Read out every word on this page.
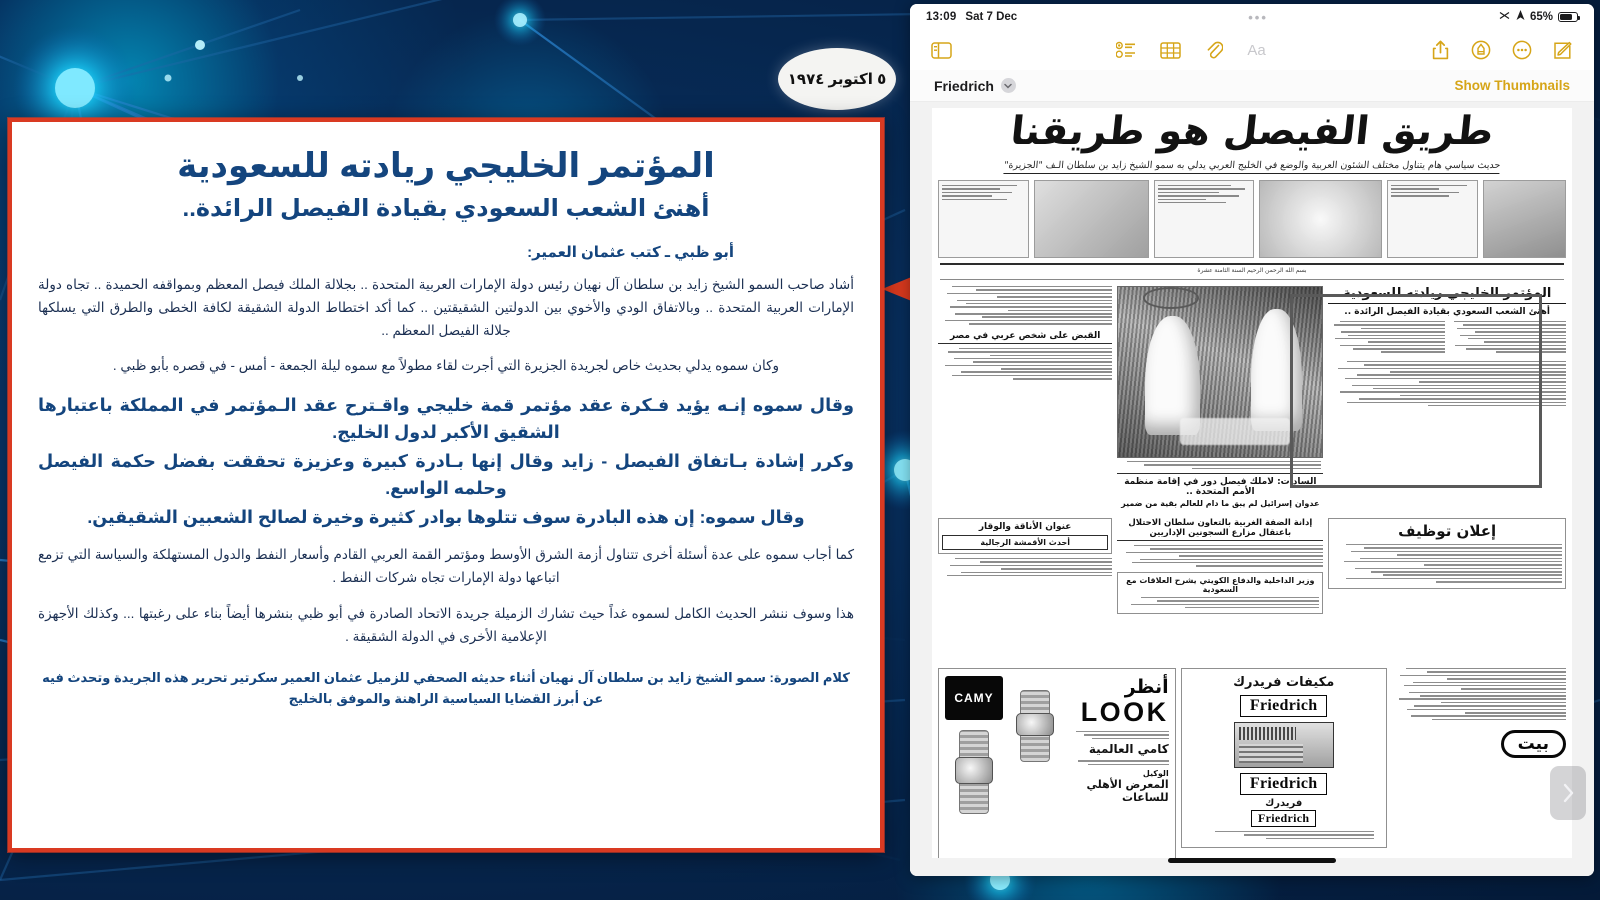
٥ اكتوبر ١٩٧٤
المؤتمر الخليجي ريادته للسعودية
أهنئ الشعب السعودي بقيادة الفيصل الرائدة..
أبو ظبي ـ كتب عثمان العمير:

أشاد صاحب السمو الشيخ زايد بن سلطان آل نهيان رئيس دولة الإمارات العربية المتحدة .. بجلالة الملك فيصل المعظم وبمواقفه الحميدة .. تجاه دولة الإمارات العربية المتحدة .. وبالاتفاق الودي والأخوي بين الدولتين الشقيقتين .. كما أكد اختطاط الدولة الشقيقة لكافة الخطى والطرق التي يسلكها جلالة الفيصل المعظم ..

وكان سموه يدلي بحديث خاص لجريدة الجزيرة التي أجرت لقاء مطولاً مع سموه ليلة الجمعة - أمس - في قصره بأبو ظبي .

وقال سموه إنـه يؤيد فـكرة عقد مؤتمر قمة خليجي واقـترح عقد الـمؤتمر في المملكة باعتبارها الشقيق الأكبر لدول الخليج.

وكرر إشادة بـاتفاق الفيصل - زايد وقال إنها بـادرة كبيرة وعزيزة تحققت بفضل حكمة الفيصل وحلمه الواسع.

وقال سموه: إن هذه البادرة سوف تتلوها بوادر كثيرة وخيرة لصالح الشعبين الشقيقين.

كما أجاب سموه على عدة أسئلة أخرى تتناول أزمة الشرق الأوسط ومؤتمر القمة العربي القادم وأسعار النفط والدول المستهلكة والسياسة التي تزمع اتباعها دولة الإمارات تجاه شركات النفط .

هذا وسوف ننشر الحديث الكامل لسموه غداً حيث تشارك الزميلة جريدة الاتحاد الصادرة في أبو ظبي بنشرها أيضاً بناء على رغبتها ... وكذلك الأجهزة الإعلامية الأخرى في الدولة الشقيقة .

كلام الصورة: سمو الشيخ زايد بن سلطان آل نهيان أثناء حديثه الصحفي للزميل عثمان العمير سكرتير تحرير هذه الجريدة وتحدث فيه عن أبرز القضايا السياسية الراهنة والموفق بالخليج

13:09 Sat 7 Dec	•••	65%
Aa
Friedrich	Show Thumbnails
طريق الفيصل هو طريقنا
حديث سياسي هام يتناول مختلف الشئون العربية والوضع في الخليج العربي يدلي به سمو الشيخ زايد بن سلطان الـف "الجزيرة"
بسم الله الرحمن الرحيم السنة الثامنة عشرة
المؤتمر الخليجي ريادته للسعودية
أهنئ الشعب السعودي بقيادة الفيصل الرائدة ..
السادات: لاملك فيصل دور في إقامة منظمة الأمم المتحدة ..
عدوان إسرائيل لم يبق ما دام للعالم بقية من ضمير
القبض على شخص عربي في مصر
إعلان توظيف
إدانة الضفة الغربية بالتعاون سلطان الاحتلال باعتقال مزارع السجونين الإداريين
وزير الداخلية والدفاع الكويتي يشرح العلاقات مع السعودية
عنوان الأناقة والوقار
أحدث الأقمشة الرجالية
بيت
مكيفات فريدرك
Friedrich
Friedrich
فريدرك
Friedrich
أنظر
LOOK
كامي العالمية
الوكيل
المعرض الأهلي للساعات
CAMY
